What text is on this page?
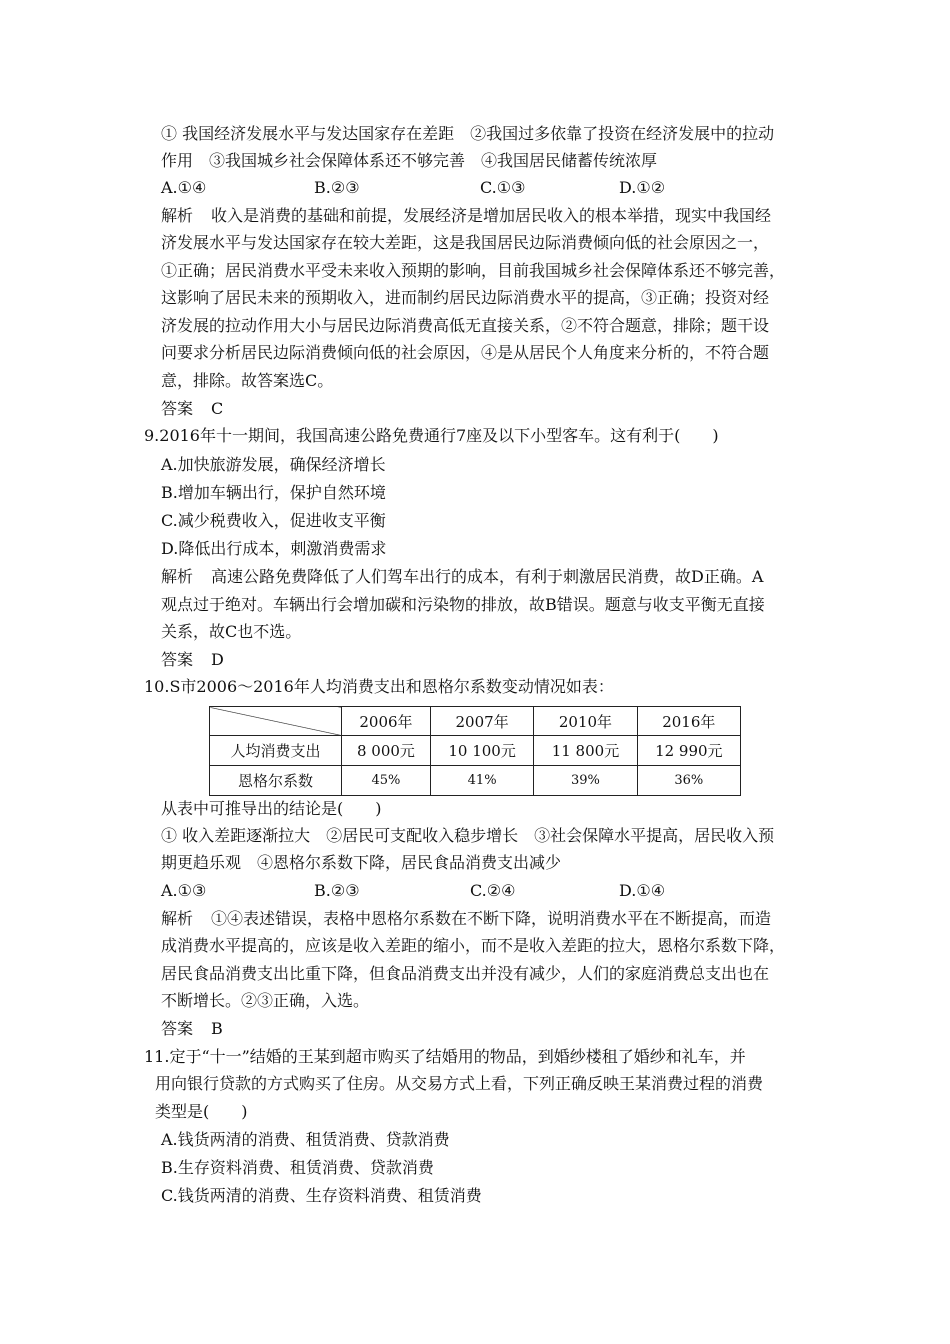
① 我国经济发展水平与发达国家存在差距　②我国过多依靠了投资在经济发展中的拉动
作用　③我国城乡社会保障体系还不够完善　④我国居民储蓄传统浓厚
A.①④	B.②③	C.①③	D.①②
解析 收入是消费的基础和前提，发展经济是增加居民收入的根本举措，现实中我国经
济发展水平与发达国家存在较大差距，这是我国居民边际消费倾向低的社会原因之一，
①正确；居民消费水平受未来收入预期的影响，目前我国城乡社会保障体系还不够完善，
这影响了居民未来的预期收入，进而制约居民边际消费水平的提高，③正确；投资对经
济发展的拉动作用大小与居民边际消费高低无直接关系，②不符合题意，排除；题干设
问要求分析居民边际消费倾向低的社会原因，④是从居民个人角度来分析的，不符合题
意，排除。故答案选C。
答案 C
9.2016年十一期间，我国高速公路免费通行7座及以下小型客车。这有利于(　　)
A.加快旅游发展，确保经济增长
B.增加车辆出行，保护自然环境
C.减少税费收入，促进收支平衡
D.降低出行成本，刺激消费需求
解析 高速公路免费降低了人们驾车出行的成本，有利于刺激居民消费，故D正确。A
观点过于绝对。车辆出行会增加碳和污染物的排放，故B错误。题意与收支平衡无直接
关系，故C也不选。
答案 D
10.S市2006～2016年人均消费支出和恩格尔系数变动情况如表：
	2006年	2007年	2010年	2016年
人均消费支出	8 000元	10 100元	11 800元	12 990元
恩格尔系数	45%	41%	39%	36%
从表中可推导出的结论是(　　)
① 收入差距逐渐拉大　②居民可支配收入稳步增长　③社会保障水平提高，居民收入预
期更趋乐观　④恩格尔系数下降，居民食品消费支出减少
A.①③	B.②③	C.②④	D.①④
解析 ①④表述错误，表格中恩格尔系数在不断下降，说明消费水平在不断提高，而造
成消费水平提高的，应该是收入差距的缩小，而不是收入差距的拉大，恩格尔系数下降，
居民食品消费支出比重下降，但食品消费支出并没有减少，人们的家庭消费总支出也在
不断增长。②③正确，入选。
答案 B
11.定于“十一”结婚的王某到超市购买了结婚用的物品，到婚纱楼租了婚纱和礼车，并
用向银行贷款的方式购买了住房。从交易方式上看，下列正确反映王某消费过程的消费
类型是(　　)
A.钱货两清的消费、租赁消费、贷款消费
B.生存资料消费、租赁消费、贷款消费
C.钱货两清的消费、生存资料消费、租赁消费
